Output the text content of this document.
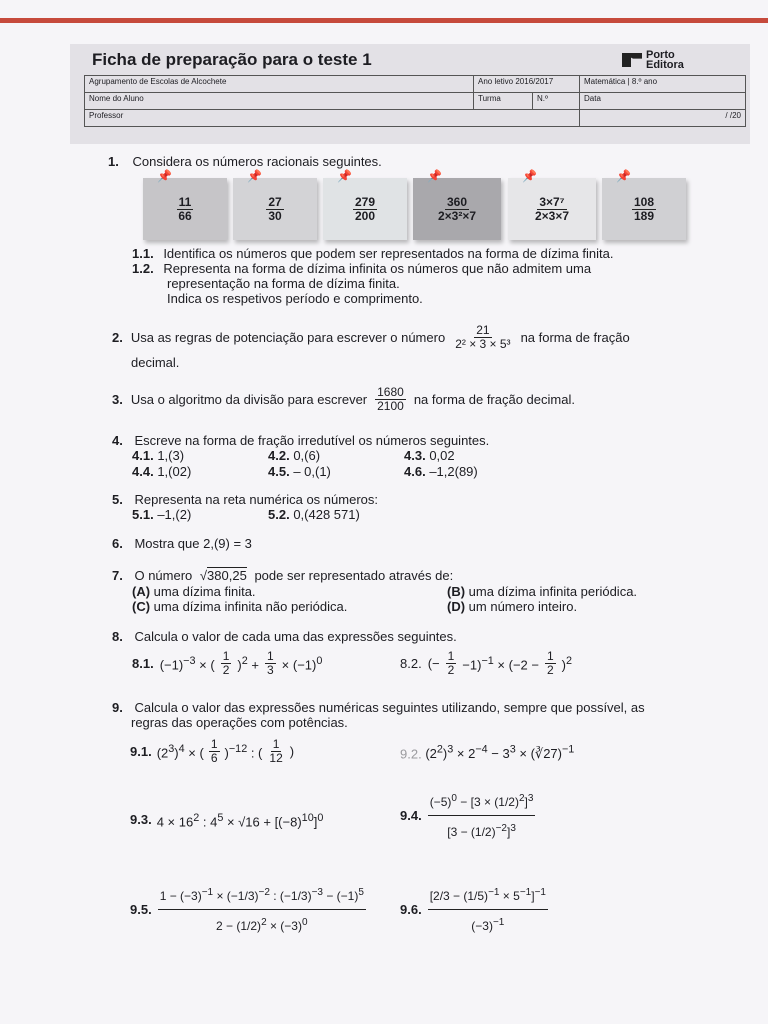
Ficha de preparação para o teste 1	Porto
Editora
Agrupamento de Escolas de Alcochete	Ano letivo 2016/2017		Matemática | 8.º ano
Nome do Aluno	Turma	N.º	Data
Professor			/ /20
1. Considera os números racionais seguintes.
📌
$\frac{11}{66}$
📌
$\frac{27}{30}$
📌
$\frac{279}{200}$
📌
$\frac{360}{\text{2×3²×7}}$
📌
$\frac{\text{3×7⁷}}{2\times 3\times 7}$
📌
$\frac{108}{189}$
1.1. Identifica os números que podem ser representados na forma de dízima finita.
1.2. Representa na forma de dízima infinita os números que não admitem uma
representação na forma de dízima finita.
Indica os respetivos período e comprimento.
2. Usa as regras de potenciação para escrever o número $\frac{21}{\text{2² × 3 × 5³}}$ na forma de fração
decimal.
3. Usa o algoritmo da divisão para escrever $\frac{1680}{2100}$ na forma de fração decimal.
4. Escreve na forma de fração irredutível os números seguintes.
4.1. 1,(3)	4.2. 0,(6)	4.3. 0,02
4.4. 1,(02)	4.5. – 0,(1)	4.6. –1,2(89)
5. Representa na reta numérica os números:
5.1. –1,(2)	5.2. 0,(428 571)
6. Mostra que 2,(9) = 3
7. O número √380,25 pode ser representado através de:
(A) uma dízima finita.	(B) uma dízima infinita periódica.
(C) uma dízima infinita não periódica.	(D) um número inteiro.
8. Calcula o valor de cada uma das expressões seguintes.
8.1. $(-1)^{-3}$ × ( $\frac{1}{2} )^2 + \frac{1}{3} \times (-1)^0$	8.2. (− $\frac{1}{2} -1)^{-1} \times (-2 - \frac{1}{2} )^2$
9. Calcula o valor das expressões numéricas seguintes utilizando, sempre que possível, as
regras das operações com potências.
9.1. $(2^3)^4$ × ( $\frac{1}{6} )^{-12}$ : ( $\frac{1}{12}$ )	9.2. $(2^2)^3 \times 2^{-4} - 3^3$ × (∛27)$^{-1}$
9.3. $4 \times 16^2$ : $4^5 \times √16 + [(-8)^{10}]^0$	9.4. $\frac{(-5)^0 - [3 \times (1/2)^2]^3}{[3 - (1/2)^{-2}]^3}$
9.5. $\frac{1 - (-3)^{-1} \times (-1/3)^{-2} : (-1/3)^{-3} - (-1)^5}{2 - (1/2)^2 \times (-3)^0}$	9.6. $\frac{[2/3 - (1/5)^{-1} \times 5^{-1}]^{-1}}{(-3)^{-1}}$
